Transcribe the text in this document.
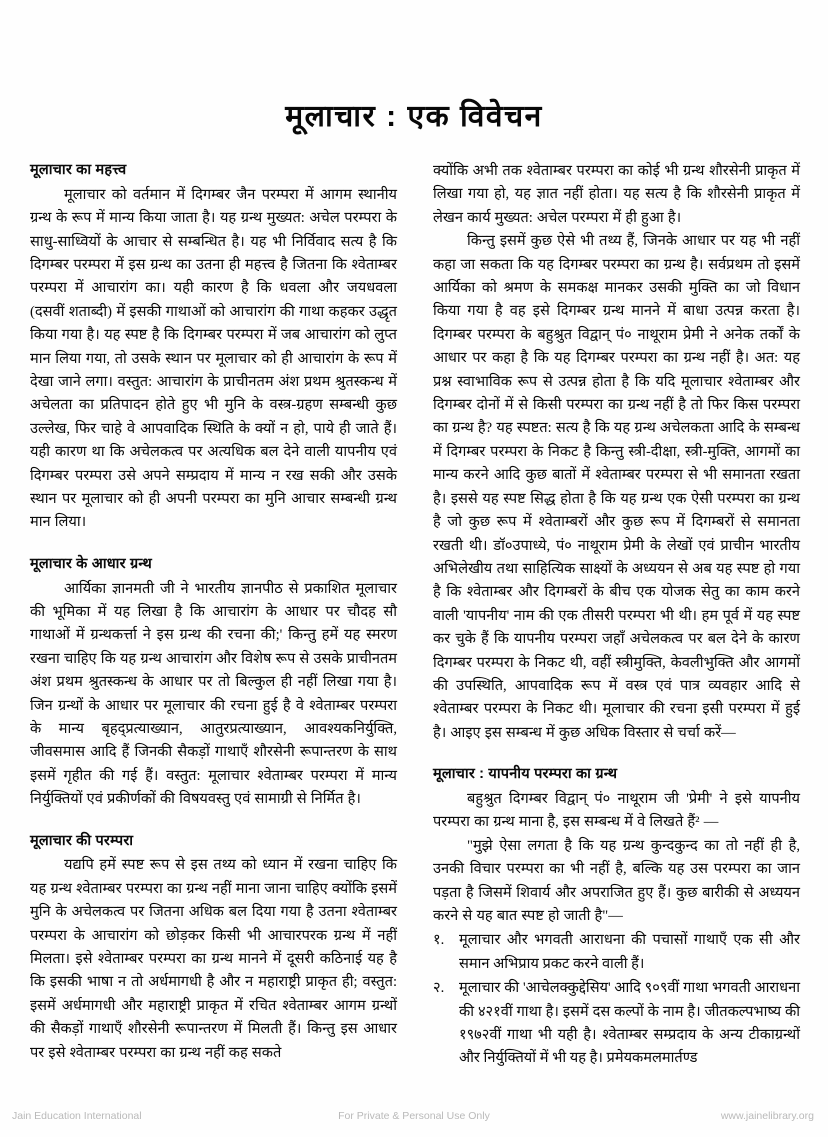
मूलाचार : एक विवेचन
मूलाचार का महत्त्व

मूलाचार को वर्तमान में दिगम्बर जैन परम्परा में आगम स्थानीय ग्रन्थ के रूप में मान्य किया जाता है। यह ग्रन्थ मुख्यत: अचेल परम्परा के साधु-साध्वियों के आचार से सम्बन्धित है। यह भी निर्विवाद सत्य है कि दिगम्बर परम्परा में इस ग्रन्थ का उतना ही महत्त्व है जितना कि श्वेताम्बर परम्परा में आचारांग का। यही कारण है कि धवला और जयधवला (दसवीं शताब्दी) में इसकी गाथाओं को आचारांग की गाथा कहकर उद्धृत किया गया है। यह स्पष्ट है कि दिगम्बर परम्परा में जब आचारांग को लुप्त मान लिया गया, तो उसके स्थान पर मूलाचार को ही आचारांग के रूप में देखा जाने लगा। वस्तुत: आचारांग के प्राचीनतम अंश प्रथम श्रुतस्कन्ध में अचेलता का प्रतिपादन होते हुए भी मुनि के वस्त्र-ग्रहण सम्बन्धी कुछ उल्लेख, फिर चाहे वे आपवादिक स्थिति के क्यों न हो, पाये ही जाते हैं। यही कारण था कि अचेलकत्व पर अत्यधिक बल देने वाली यापनीय एवं दिगम्बर परम्परा उसे अपने सम्प्रदाय में मान्य न रख सकी और उसके स्थान पर मूलाचार को ही अपनी परम्परा का मुनि आचार सम्बन्धी ग्रन्थ मान लिया।

मूलाचार के आधार ग्रन्थ

आर्यिका ज्ञानमती जी ने भारतीय ज्ञानपीठ से प्रकाशित मूलाचार की भूमिका में यह लिखा है कि आचारांग के आधार पर चौदह सौ गाथाओं में ग्रन्थकर्त्ता ने इस ग्रन्थ की रचना की;' किन्तु हमें यह स्मरण रखना चाहिए कि यह ग्रन्थ आचारांग और विशेष रूप से उसके प्राचीनतम अंश प्रथम श्रुतस्कन्ध के आधार पर तो बिल्कुल ही नहीं लिखा गया है। जिन ग्रन्थों के आधार पर मूलाचार की रचना हुई है वे श्वेताम्बर परम्परा के मान्य बृहद्प्रत्याख्यान, आतुरप्रत्याख्यान, आवश्यकनिर्युक्ति, जीवसमास आदि हैं जिनकी सैकड़ों गाथाएँ शौरसेनी रूपान्तरण के साथ इसमें गृहीत की गई हैं। वस्तुत: मूलाचार श्वेताम्बर परम्परा में मान्य निर्युक्तियों एवं प्रकीर्णकों की विषयवस्तु एवं सामाग्री से निर्मित है।

मूलाचार की परम्परा

यद्यपि हमें स्पष्ट रूप से इस तथ्य को ध्यान में रखना चाहिए कि यह ग्रन्थ श्वेताम्बर परम्परा का ग्रन्थ नहीं माना जाना चाहिए क्योंकि इसमें मुनि के अचेलकत्व पर जितना अधिक बल दिया गया है उतना श्वेताम्बर परम्परा के आचारांग को छोड़कर किसी भी आचारपरक ग्रन्थ में नहीं मिलता। इसे श्वेताम्बर परम्परा का ग्रन्थ मानने में दूसरी कठिनाई यह है कि इसकी भाषा न तो अर्धमागधी है और न महाराष्ट्री प्राकृत ही; वस्तुत: इसमें अर्धमागधी और महाराष्ट्री प्राकृत में रचित श्वेताम्बर आगम ग्रन्थों की सैकड़ों गाथाएँ शौरसेनी रूपान्तरण में मिलती हैं। किन्तु इस आधार पर इसे श्वेताम्बर परम्परा का ग्रन्थ नहीं कह सकते

क्योंकि अभी तक श्वेताम्बर परम्परा का कोई भी ग्रन्थ शौरसेनी प्राकृत में लिखा गया हो, यह ज्ञात नहीं होता। यह सत्य है कि शौरसेनी प्राकृत में लेखन कार्य मुख्यत: अचेल परम्परा में ही हुआ है।

किन्तु इसमें कुछ ऐसे भी तथ्य हैं, जिनके आधार पर यह भी नहीं कहा जा सकता कि यह दिगम्बर परम्परा का ग्रन्थ है। सर्वप्रथम तो इसमें आर्यिका को श्रमण के समकक्ष मानकर उसकी मुक्ति का जो विधान किया गया है वह इसे दिगम्बर ग्रन्थ मानने में बाधा उत्पन्न करता है। दिगम्बर परम्परा के बहुश्रुत विद्वान् पं० नाथूराम प्रेमी ने अनेक तर्कों के आधार पर कहा है कि यह दिगम्बर परम्परा का ग्रन्थ नहीं है। अत: यह प्रश्न स्वाभाविक रूप से उत्पन्न होता है कि यदि मूलाचार श्वेताम्बर और दिगम्बर दोनों में से किसी परम्परा का ग्रन्थ नहीं है तो फिर किस परम्परा का ग्रन्थ है? यह स्पष्टत: सत्य है कि यह ग्रन्थ अचेलकता आदि के सम्बन्ध में दिगम्बर परम्परा के निकट है किन्तु स्त्री-दीक्षा, स्त्री-मुक्ति, आगमों का मान्य करने आदि कुछ बातों में श्वेताम्बर परम्परा से भी समानता रखता है। इससे यह स्पष्ट सिद्ध होता है कि यह ग्रन्थ एक ऐसी परम्परा का ग्रन्थ है जो कुछ रूप में श्वेताम्बरों और कुछ रूप में दिगम्बरों से समानता रखती थी। डॉ०उपाध्ये, पं० नाथूराम प्रेमी के लेखों एवं प्राचीन भारतीय अभिलेखीय तथा साहित्यिक साक्ष्यों के अध्ययन से अब यह स्पष्ट हो गया है कि श्वेताम्बर और दिगम्बरों के बीच एक योजक सेतु का काम करने वाली 'यापनीय' नाम की एक तीसरी परम्परा भी थी। हम पूर्व में यह स्पष्ट कर चुके हैं कि यापनीय परम्परा जहाँ अचेलकत्व पर बल देने के कारण दिगम्बर परम्परा के निकट थी, वहीं स्त्रीमुक्ति, केवलीभुक्ति और आगमों की उपस्थिति, आपवादिक रूप में वस्त्र एवं पात्र व्यवहार आदि से श्वेताम्बर परम्परा के निकट थी। मूलाचार की रचना इसी परम्परा में हुई है। आइए इस सम्बन्ध में कुछ अधिक विस्तार से चर्चा करें—

मूलाचार : यापनीय परम्परा का ग्रन्थ

बहुश्रुत दिगम्बर विद्वान् पं० नाथूराम जी 'प्रेमी' ने इसे यापनीय परम्परा का ग्रन्थ माना है, इस सम्बन्ध में वे लिखते हैं² —

"मुझे ऐसा लगता है कि यह ग्रन्थ कुन्दकुन्द का तो नहीं ही है, उनकी विचार परम्परा का भी नहीं है, बल्कि यह उस परम्परा का जान पड़ता है जिसमें शिवार्य और अपराजित हुए हैं। कुछ बारीकी से अध्ययन करने से यह बात स्पष्ट हो जाती है"—

१.	मूलाचार और भगवती आराधना की पचासों गाथाएँ एक सी और समान अभिप्राय प्रकट करने वाली हैं।
२.	मूलाचार की 'आचेलक्कुद्देसिय' आदि ९०९वीं गाथा भगवती आराधना की ४२१वीं गाथा है। इसमें दस कल्पों के नाम है। जीतकल्पभाष्य की १९७२वीं गाथा भी यही है। श्वेताम्बर सम्प्रदाय के अन्य टीकाग्रन्थों और निर्युक्तियों में भी यह है। प्रमेयकमलमार्तण्ड
Jain Education International	For Private & Personal Use Only	www.jainelibrary.org
